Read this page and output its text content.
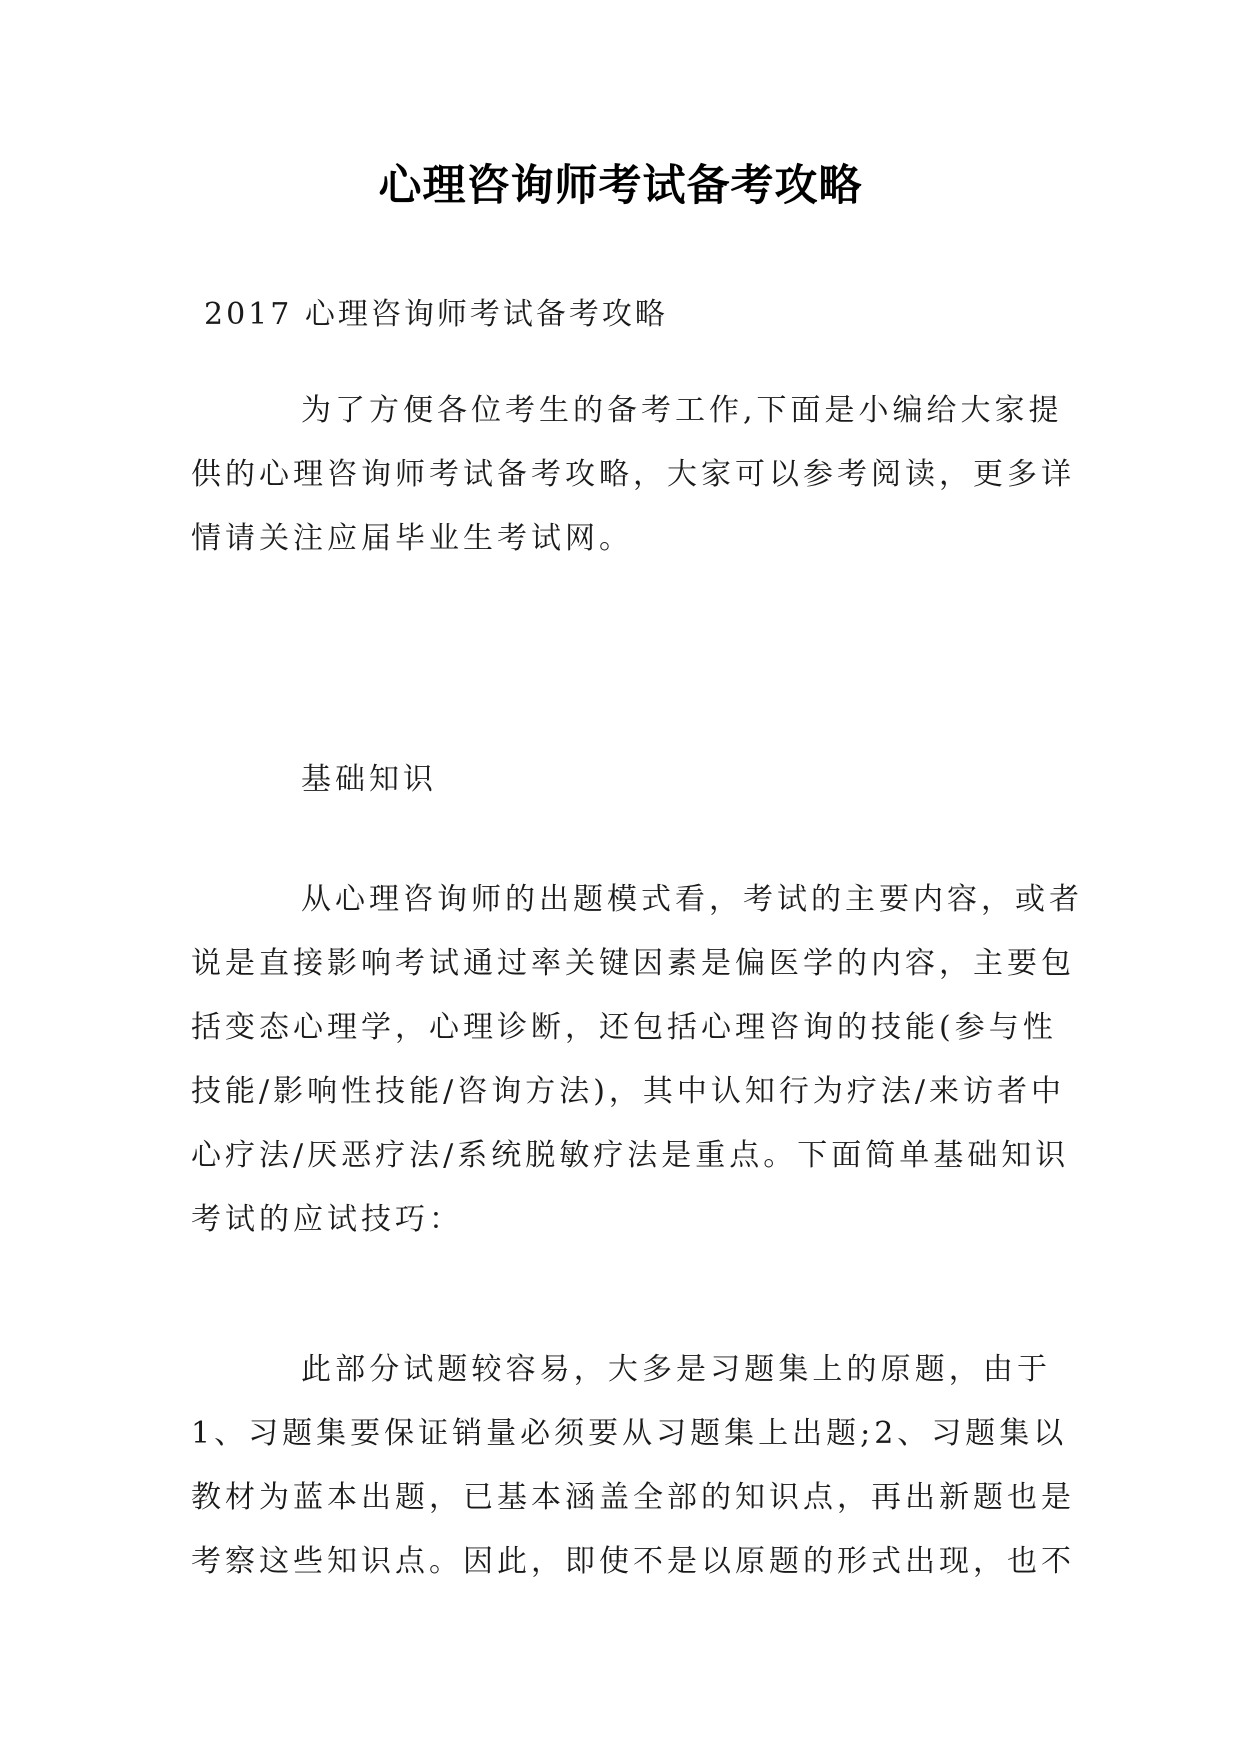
心理咨询师考试备考攻略
2017 心理咨询师考试备考攻略
为了方便各位考生的备考工作,下面是小编给大家提
供的心理咨询师考试备考攻略，大家可以参考阅读，更多详
情请关注应届毕业生考试网。
基础知识
从心理咨询师的出题模式看，考试的主要内容，或者
说是直接影响考试通过率关键因素是偏医学的内容，主要包
括变态心理学，心理诊断，还包括心理咨询的技能(参与性
技能/影响性技能/咨询方法)，其中认知行为疗法/来访者中
心疗法/厌恶疗法/系统脱敏疗法是重点。下面简单基础知识
考试的应试技巧：
此部分试题较容易，大多是习题集上的原题，由于
1、习题集要保证销量必须要从习题集上出题;2、习题集以
教材为蓝本出题，已基本涵盖全部的知识点，再出新题也是
考察这些知识点。因此，即使不是以原题的形式出现，也不
